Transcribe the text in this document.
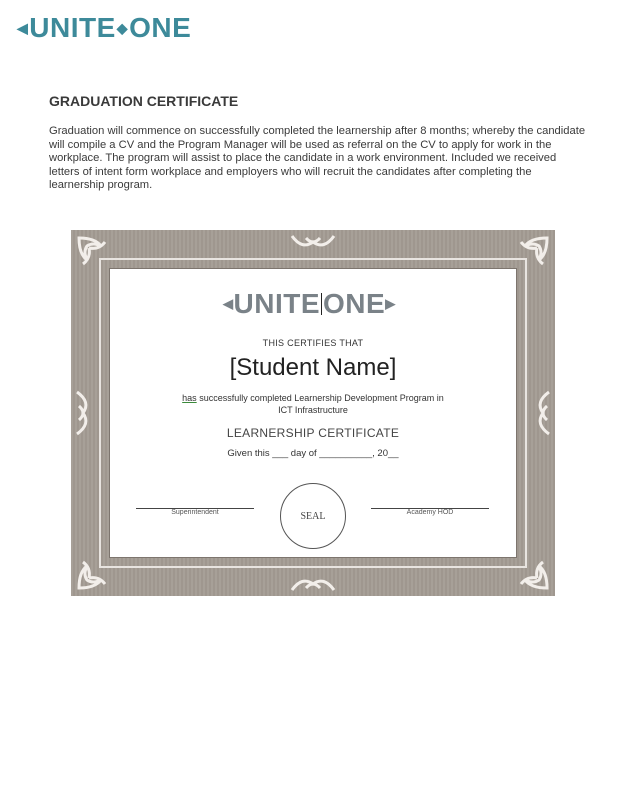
◀ UNITE ◆ ONE
GRADUATION CERTIFICATE
Graduation will commence on successfully completed the learnership after 8 months; whereby the candidate will compile a CV and the Program Manager will be used as referral on the CV to apply for work in the workplace. The program will assist to place the candidate in a work environment. Included we received letters of intent form workplace and employers who will recruit the candidates after completing the learnership program.
◀ UNITE ONE ▶
THIS CERTIFIES THAT
[Student Name]
has successfully completed Learnership Development Program in
ICT Infrastructure
LEARNERSHIP CERTIFICATE
Given this ___ day of __________, 20__
Superintendent	Academy HOD
SEAL
